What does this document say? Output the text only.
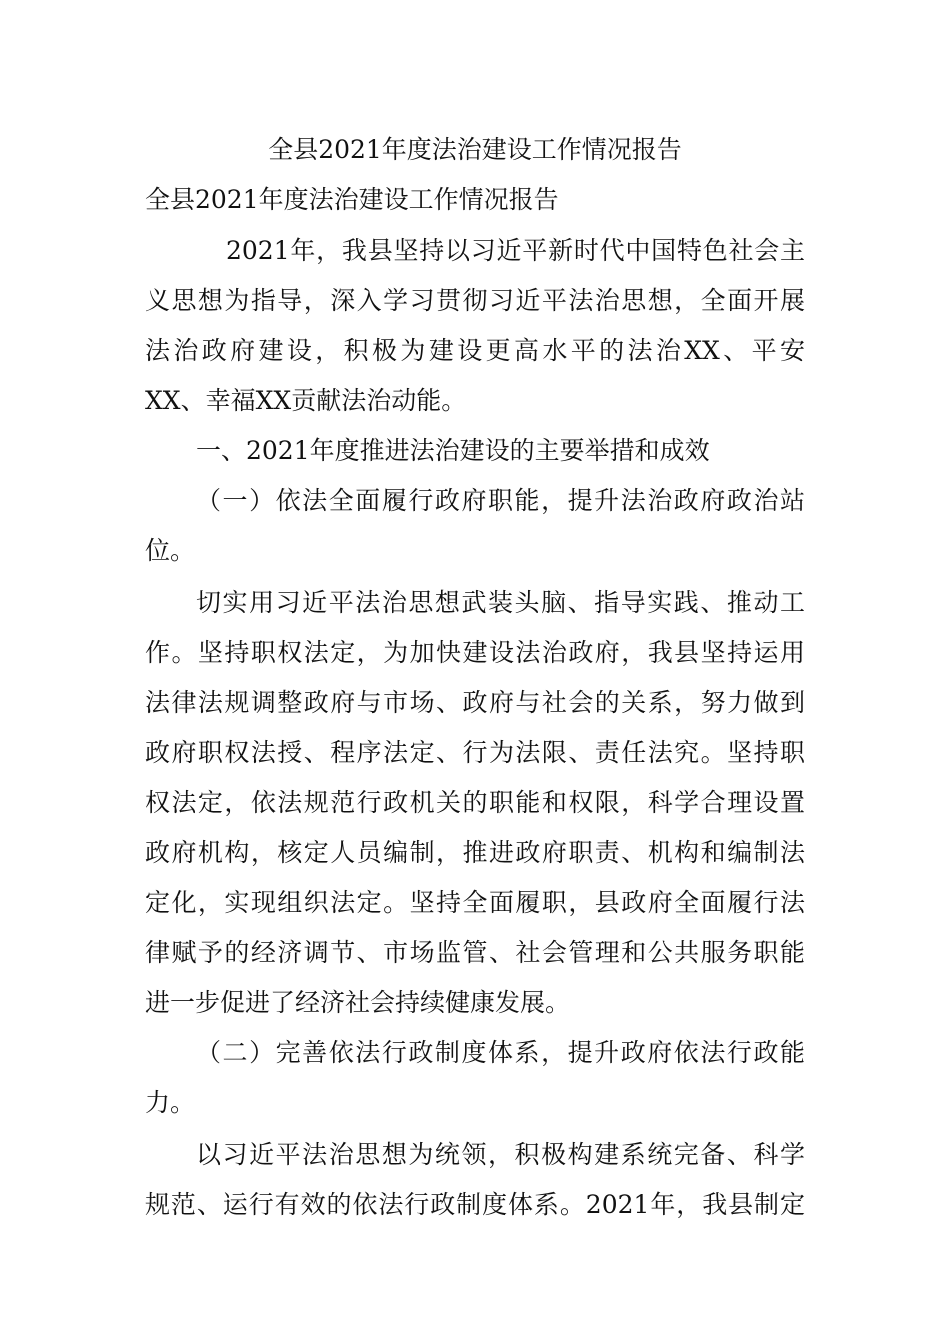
全县2021年度法治建设工作情况报告
全县2021年度法治建设工作情况报告
2021年，我县坚持以习近平新时代中国特色社会主
义思想为指导，深入学习贯彻习近平法治思想，全面开展
法治政府建设，积极为建设更高水平的法治XX、平安
XX、幸福XX贡献法治动能。
一、2021年度推进法治建设的主要举措和成效
（一）依法全面履行政府职能，提升法治政府政治站
位。
切实用习近平法治思想武装头脑、指导实践、推动工
作。坚持职权法定，为加快建设法治政府，我县坚持运用
法律法规调整政府与市场、政府与社会的关系，努力做到
政府职权法授、程序法定、行为法限、责任法究。坚持职
权法定，依法规范行政机关的职能和权限，科学合理设置
政府机构，核定人员编制，推进政府职责、机构和编制法
定化，实现组织法定。坚持全面履职，县政府全面履行法
律赋予的经济调节、市场监管、社会管理和公共服务职能
进一步促进了经济社会持续健康发展。
（二）完善依法行政制度体系，提升政府依法行政能
力。
以习近平法治思想为统领，积极构建系统完备、科学
规范、运行有效的依法行政制度体系。2021年，我县制定
